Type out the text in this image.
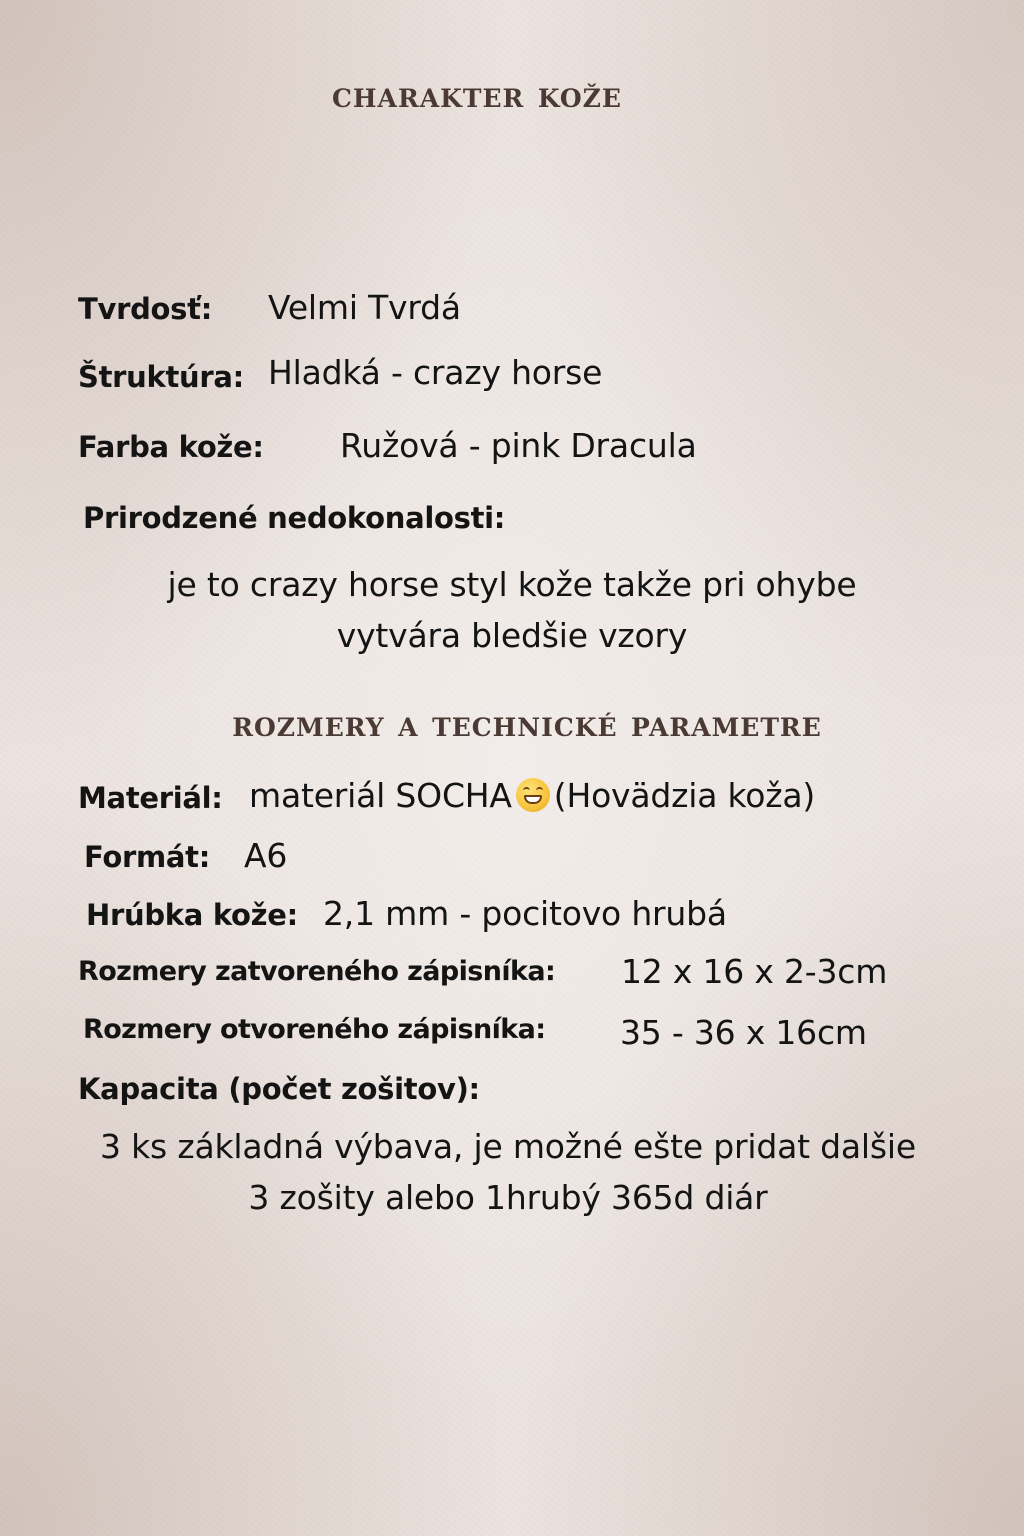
charakter kože
Tvrdosť: Velmi Tvrdá
Štruktúra: Hladká - crazy horse
Farba kože: Ružová - pink Dracula
Prirodzené nedokonalosti:
je to crazy horse styl kože takže pri ohybe
vytvára bledšie vzory
rozmery a technické parametre
Materiál: materiál SOCHA (Hovädzia koža)
Formát: A6
Hrúbka kože: 2,1 mm - pocitovo hrubá
Rozmery zatvoreného zápisníka: 12 x 16 x 2-3cm
Rozmery otvoreného zápisníka: 35 - 36 x 16cm
Kapacita (počet zošitov):
3 ks základná výbava, je možné ešte pridat dalšie
3 zošity alebo 1hrubý 365d diár
